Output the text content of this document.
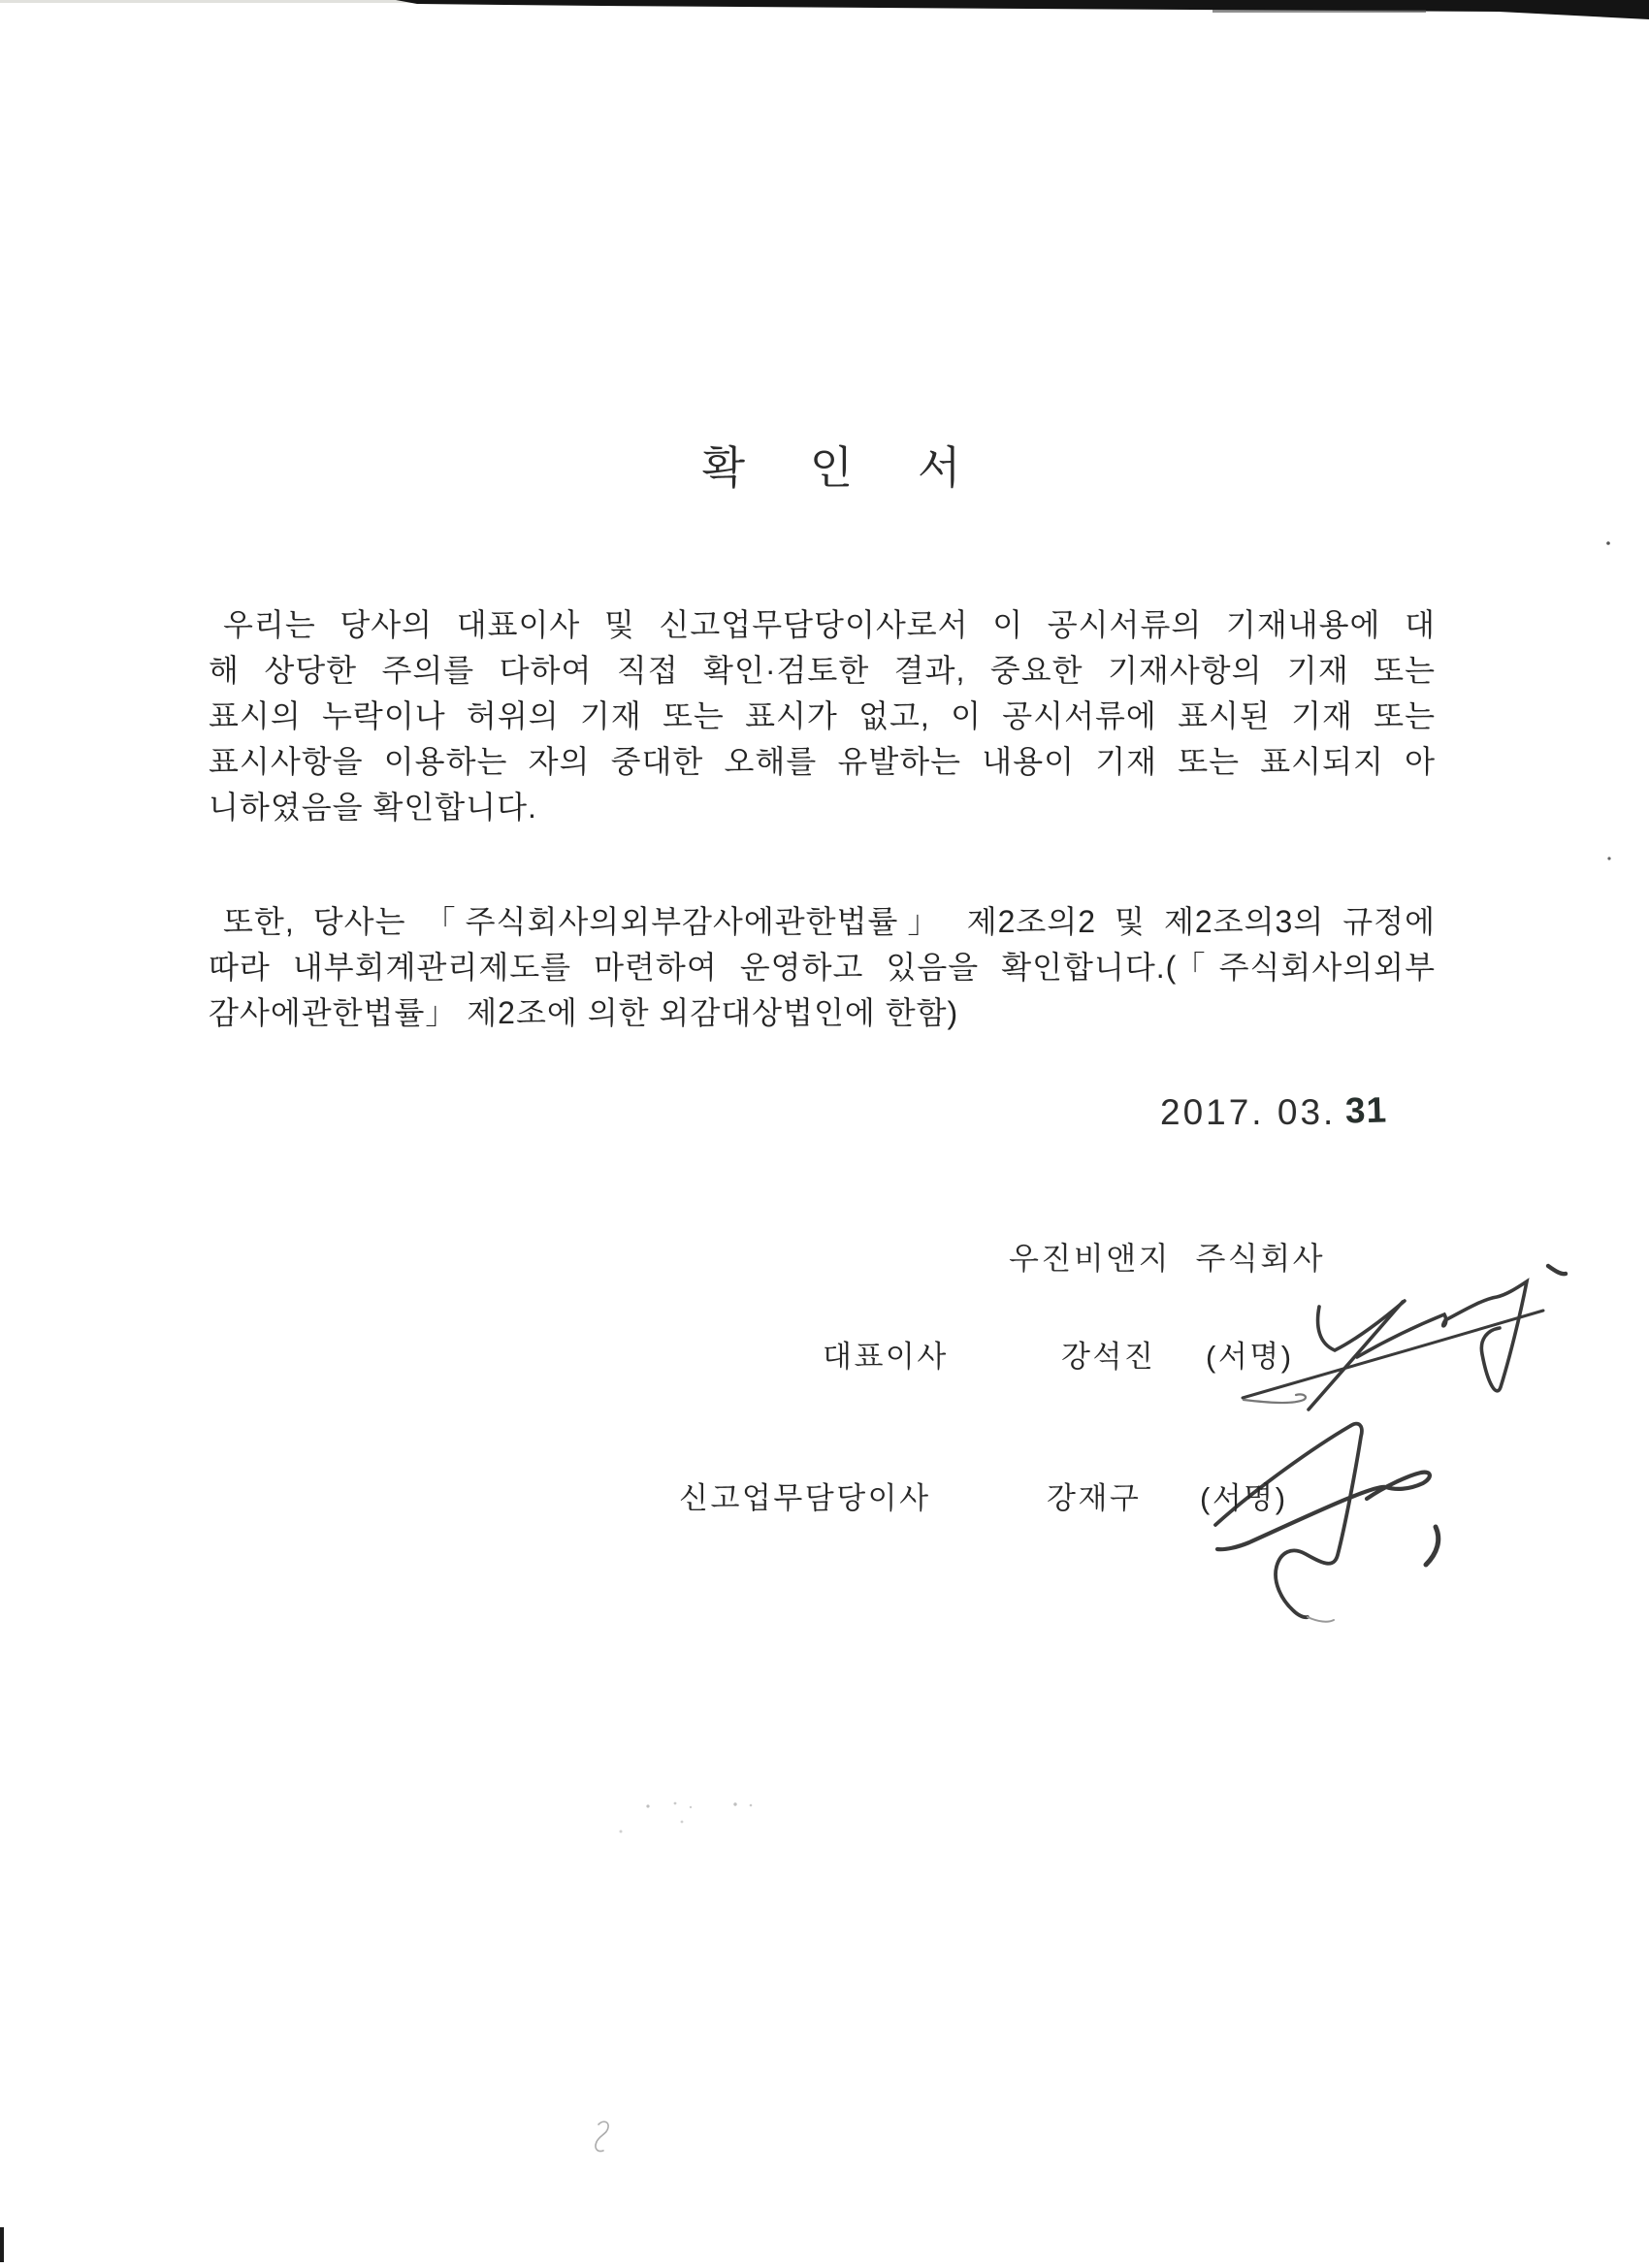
확 인 서
우리는 당사의 대표이사 및 신고업무담당이사로서 이 공시서류의 기재내용에 대
해 상당한 주의를 다하여 직접 확인·검토한 결과, 중요한 기재사항의 기재 또는
표시의 누락이나 허위의 기재 또는 표시가 없고, 이 공시서류에 표시된 기재 또는
표시사항을 이용하는 자의 중대한 오해를 유발하는 내용이 기재 또는 표시되지 아
니하였음을 확인합니다.
또한, 당사는 「주식회사의외부감사에관한법률」 제2조의2 및 제2조의3의 규정에
따라 내부회계관리제도를 마련하여 운영하고 있음을 확인합니다.(「주식회사의외부
감사에관한법률」 제2조에 의한 외감대상법인에 한함)
2017. 03. 31
우진비앤지 주식회사
대표이사	강석진 (서명)
신고업무담당이사	강재구 (서명)
